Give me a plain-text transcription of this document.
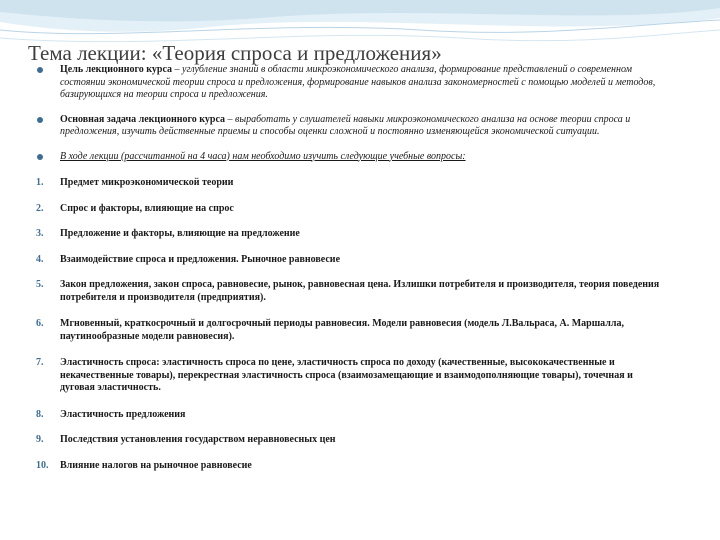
Тема лекции: «Теория спроса и предложения»
Цель лекционного курса – углубление знаний в области микроэкономического анализа, формирование представлений о современном состоянии экономической теории спроса и предложения, формирование навыков анализа закономерностей с помощью моделей и методов, базирующихся на теории спроса и предложения.
Основная задача лекционного курса – выработать у слушателей навыки микроэкономического анализа на основе теории спроса и предложения, изучить действенные приемы и способы оценки сложной и постоянно изменяющейся экономической ситуации.
В ходе лекции (рассчитанной на 4 часа) нам необходимо изучить следующие учебные вопросы:
1. Предмет микроэкономической теории
2. Спрос и факторы, влияющие на спрос
3. Предложение и факторы, влияющие на предложение
4. Взаимодействие спроса и предложения. Рыночное равновесие
5. Закон предложения, закон спроса, равновесие, рынок, равновесная цена. Излишки потребителя и производителя, теория поведения потребителя и производителя (предприятия).
6. Мгновенный, краткосрочный и долгосрочный периоды равновесия. Модели равновесия (модель Л.Вальраса, А. Маршалла, паутинообразные модели равновесия).
7. Эластичность спроса: эластичность спроса по цене, эластичность спроса по доходу (качественные, высококачественные и некачественные товары), перекрестная эластичность спроса (взаимозамещающие и взаимодополняющие товары), точечная и дуговая эластичность.
8. Эластичность предложения
9. Последствия установления государством неравновесных цен
10. Влияние налогов на рыночное равновесие
